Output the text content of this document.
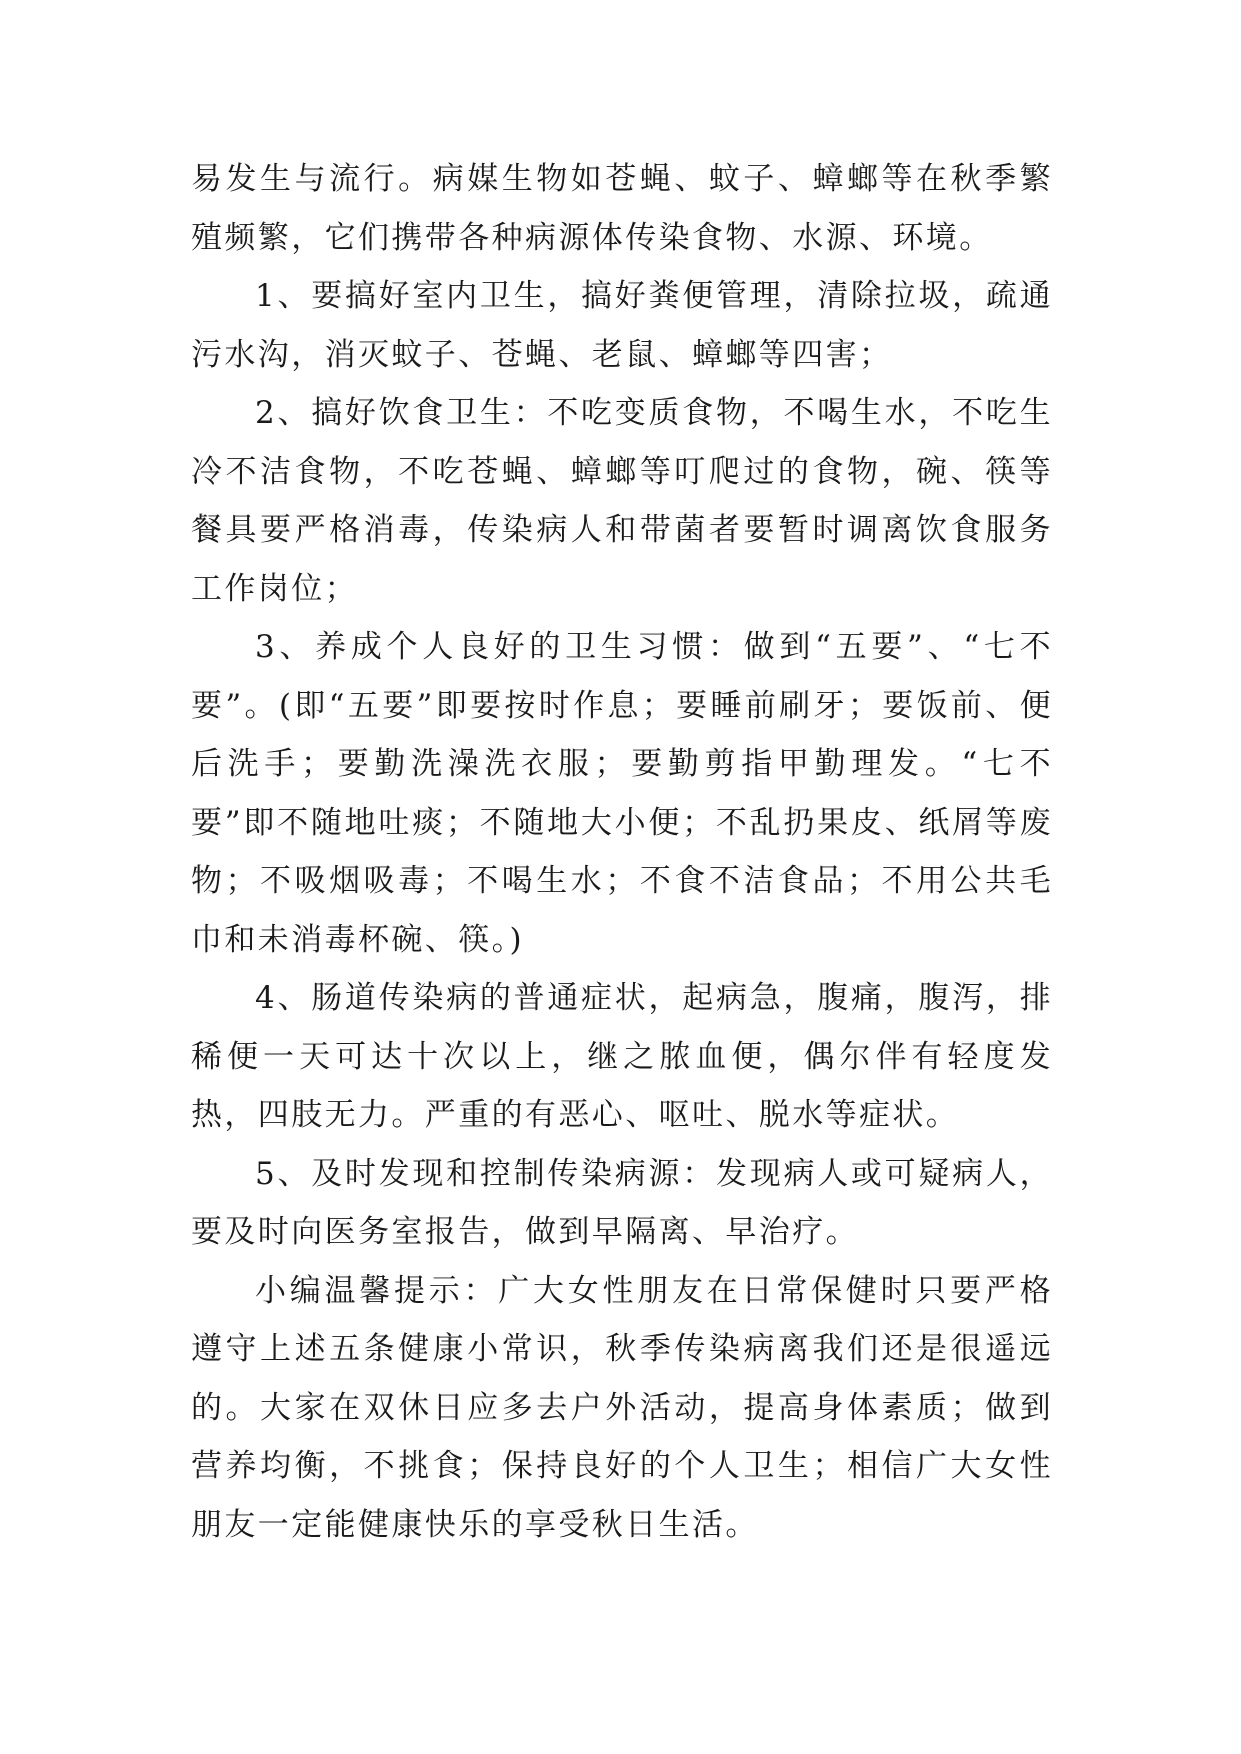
易发生与流行。病媒生物如苍蝇、蚊子、蟑螂等在秋季繁殖频繁，它们携带各种病源体传染食物、水源、环境。

1、要搞好室内卫生，搞好粪便管理，清除拉圾，疏通污水沟，消灭蚊子、苍蝇、老鼠、蟑螂等四害；

2、搞好饮食卫生：不吃变质食物，不喝生水，不吃生冷不洁食物，不吃苍蝇、蟑螂等叮爬过的食物，碗、筷等餐具要严格消毒，传染病人和带菌者要暂时调离饮食服务工作岗位；

3、养成个人良好的卫生习惯：做到“五要”、“七不要”。(即“五要”即要按时作息；要睡前刷牙；要饭前、便后洗手；要勤洗澡洗衣服；要勤剪指甲勤理发。“七不要”即不随地吐痰；不随地大小便；不乱扔果皮、纸屑等废物；不吸烟吸毒；不喝生水；不食不洁食品；不用公共毛巾和未消毒杯碗、筷。)

4、肠道传染病的普通症状，起病急，腹痛，腹泻，排稀便一天可达十次以上，继之脓血便，偶尔伴有轻度发热，四肢无力。严重的有恶心、呕吐、脱水等症状。

5、及时发现和控制传染病源：发现病人或可疑病人，要及时向医务室报告，做到早隔离、早治疗。

小编温馨提示：广大女性朋友在日常保健时只要严格遵守上述五条健康小常识，秋季传染病离我们还是很遥远的。大家在双休日应多去户外活动，提高身体素质；做到营养均衡，不挑食；保持良好的个人卫生；相信广大女性朋友一定能健康快乐的享受秋日生活。
